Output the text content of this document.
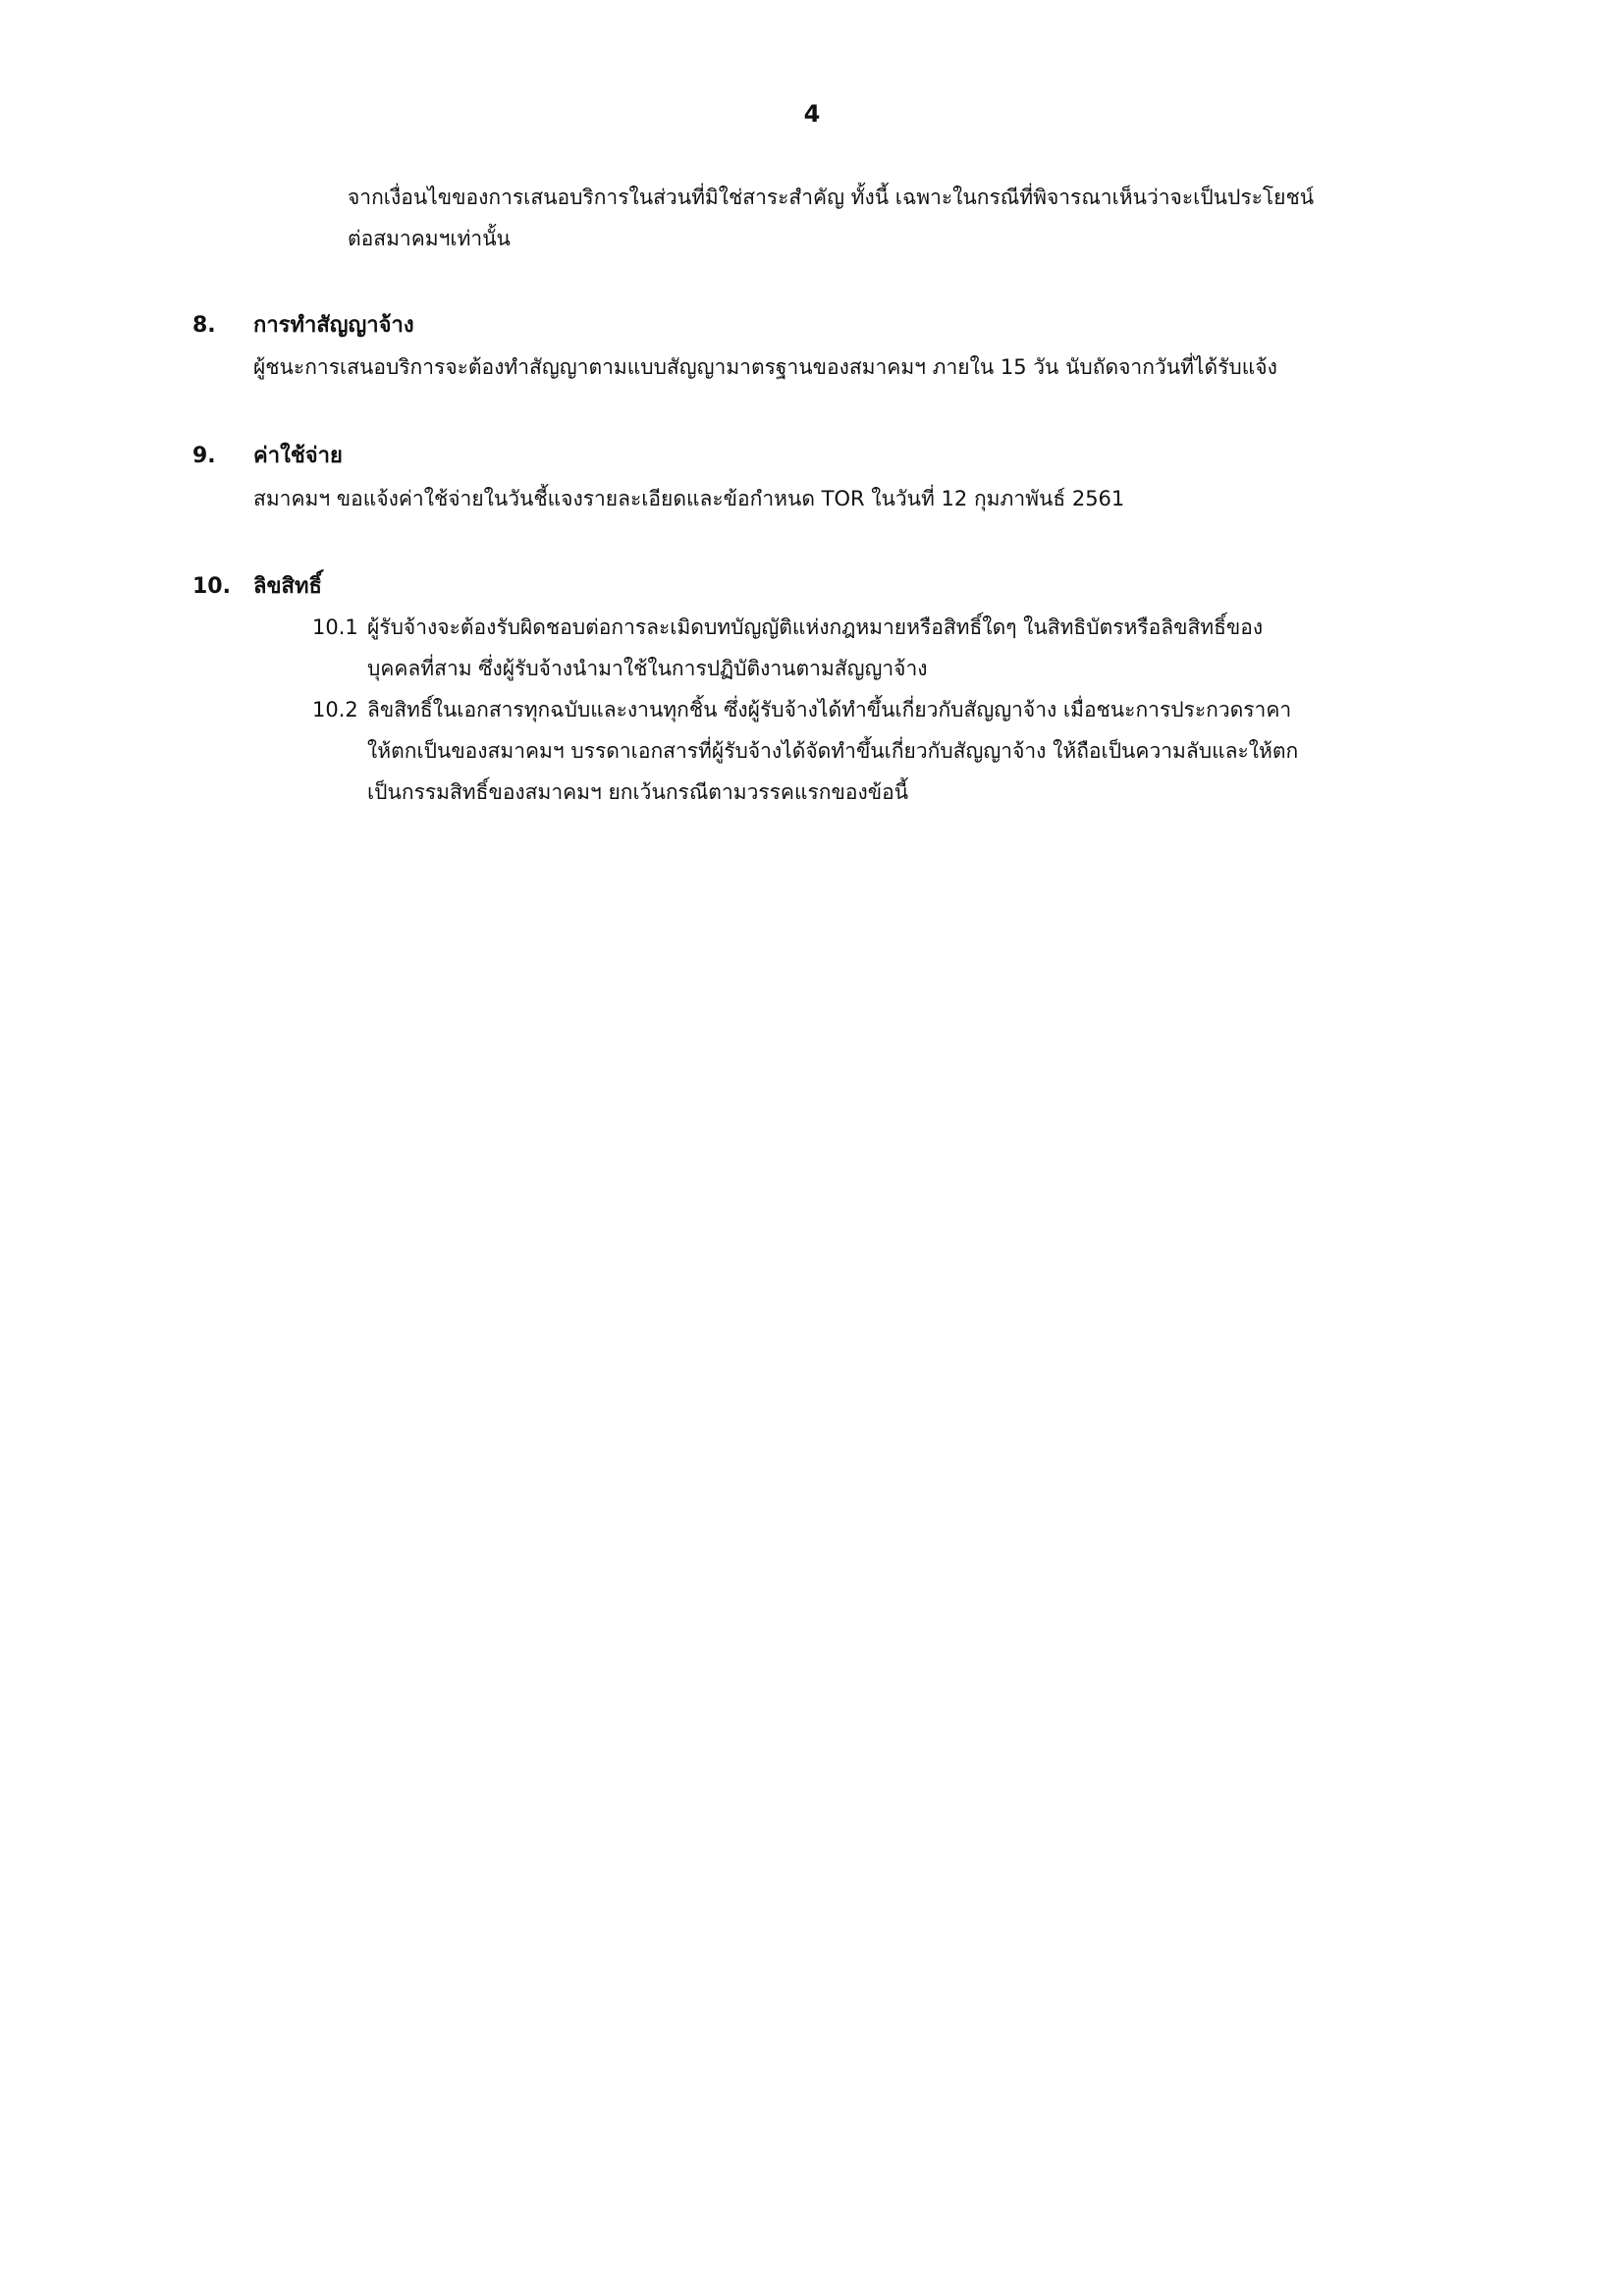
4
จากเงื่อนไขของการเสนอบริการในส่วนที่มิใช่สาระสำคัญ ทั้งนี้ เฉพาะในกรณีที่พิจารณาเห็นว่าจะเป็นประโยชน์
ต่อสมาคมฯเท่านั้น
8. การทำสัญญาจ้าง
ผู้ชนะการเสนอบริการจะต้องทำสัญญาตามแบบสัญญามาตรฐานของสมาคมฯ ภายใน 15 วัน นับถัดจากวันที่ได้รับแจ้ง
9. ค่าใช้จ่าย
สมาคมฯ ขอแจ้งค่าใช้จ่ายในวันชี้แจงรายละเอียดและข้อกำหนด TOR ในวันที่ 12 กุมภาพันธ์ 2561
10. ลิขสิทธิ์
10.1 ผู้รับจ้างจะต้องรับผิดชอบต่อการละเมิดบทบัญญัติแห่งกฎหมายหรือสิทธิ์ใดๆ ในสิทธิบัตรหรือลิขสิทธิ์ของ
บุคคลที่สาม ซึ่งผู้รับจ้างนำมาใช้ในการปฏิบัติงานตามสัญญาจ้าง
10.2 ลิขสิทธิ์ในเอกสารทุกฉบับและงานทุกชิ้น ซึ่งผู้รับจ้างได้ทำขึ้นเกี่ยวกับสัญญาจ้าง เมื่อชนะการประกวดราคา
ให้ตกเป็นของสมาคมฯ บรรดาเอกสารที่ผู้รับจ้างได้จัดทำขึ้นเกี่ยวกับสัญญาจ้าง ให้ถือเป็นความลับและให้ตก
เป็นกรรมสิทธิ์ของสมาคมฯ ยกเว้นกรณีตามวรรคแรกของข้อนี้
